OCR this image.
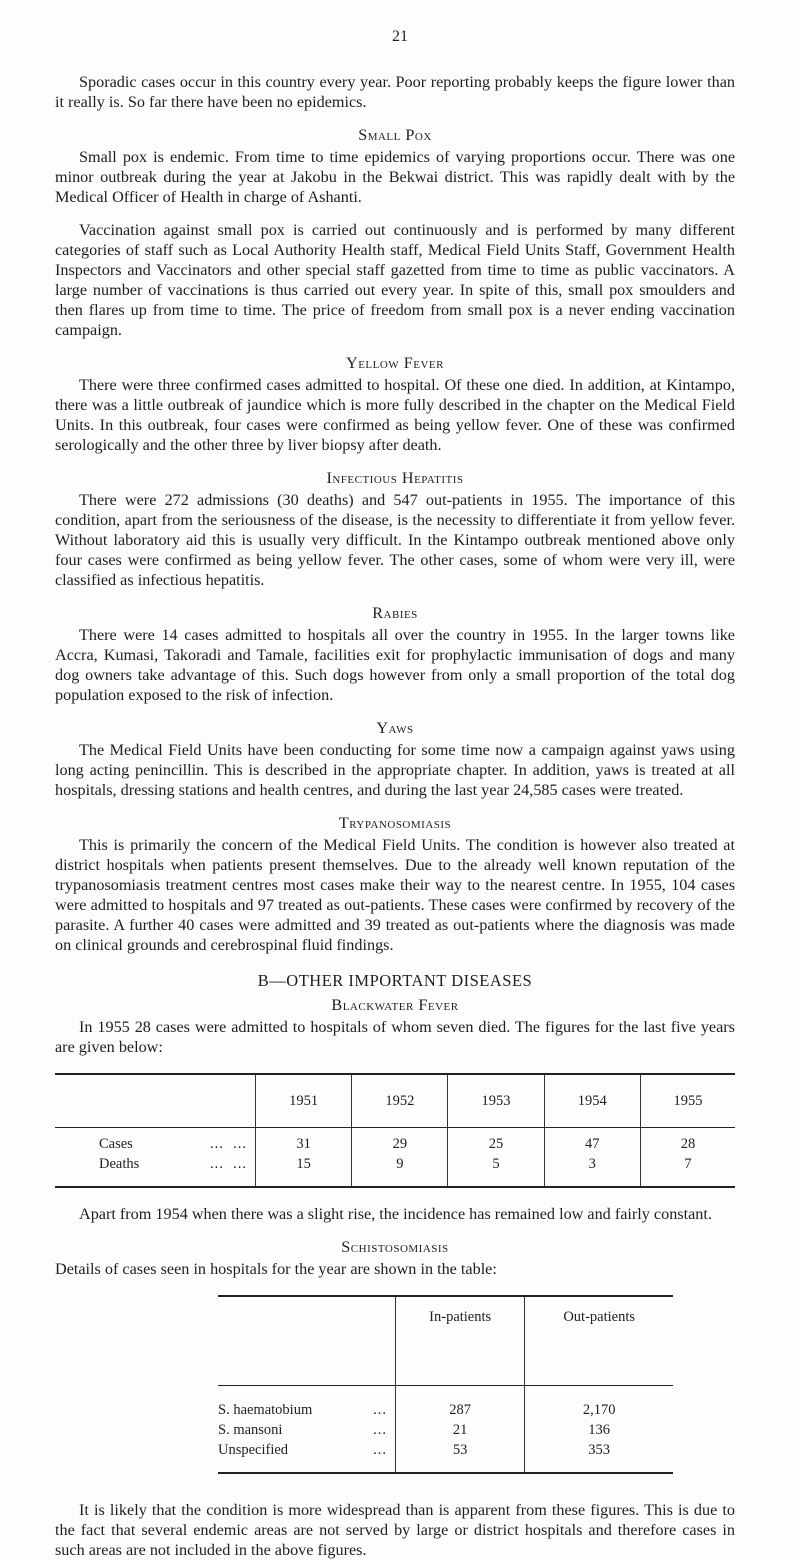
21

Sporadic cases occur in this country every year. Poor reporting probably keeps the figure lower than it really is. So far there have been no epidemics.

Small Pox

Small pox is endemic. From time to time epidemics of varying proportions occur. There was one minor outbreak during the year at Jakobu in the Bekwai district. This was rapidly dealt with by the Medical Officer of Health in charge of Ashanti.

Vaccination against small pox is carried out continuously and is performed by many different categories of staff such as Local Authority Health staff, Medical Field Units Staff, Government Health Inspectors and Vaccinators and other special staff gazetted from time to time as public vaccinators. A large number of vaccinations is thus carried out every year. In spite of this, small pox smoulders and then flares up from time to time. The price of freedom from small pox is a never ending vaccination campaign.

Yellow Fever

There were three confirmed cases admitted to hospital. Of these one died. In addition, at Kintampo, there was a little outbreak of jaundice which is more fully described in the chapter on the Medical Field Units. In this outbreak, four cases were confirmed as being yellow fever. One of these was confirmed serologically and the other three by liver biopsy after death.

Infectious Hepatitis

There were 272 admissions (30 deaths) and 547 out-patients in 1955. The importance of this condition, apart from the seriousness of the disease, is the necessity to differentiate it from yellow fever. Without laboratory aid this is usually very difficult. In the Kintampo outbreak mentioned above only four cases were confirmed as being yellow fever. The other cases, some of whom were very ill, were classified as infectious hepatitis.

Rabies

There were 14 cases admitted to hospitals all over the country in 1955. In the larger towns like Accra, Kumasi, Takoradi and Tamale, facilities exit for prophylactic immunisation of dogs and many dog owners take advantage of this. Such dogs however from only a small proportion of the total dog population exposed to the risk of infection.

Yaws

The Medical Field Units have been conducting for some time now a campaign against yaws using long acting penincillin. This is described in the appropriate chapter. In addition, yaws is treated at all hospitals, dressing stations and health centres, and during the last year 24,585 cases were treated.

Trypanosomiasis

This is primarily the concern of the Medical Field Units. The condition is however also treated at district hospitals when patients present themselves. Due to the already well known reputation of the trypanosomiasis treatment centres most cases make their way to the nearest centre. In 1955, 104 cases were admitted to hospitals and 97 treated as out-patients. These cases were confirmed by recovery of the parasite. A further 40 cases were admitted and 39 treated as out-patients where the diagnosis was made on clinical grounds and cerebrospinal fluid findings.

B—OTHER IMPORTANT DISEASES
Blackwater Fever

In 1955 28 cases were admitted to hospitals of whom seven died. The figures for the last five years are given below:

	1951	1952	1953	1954	1955
Cases ...  ...	31	29	25	47	28
Deaths ...  ...	15	9	5	3	7

Apart from 1954 when there was a slight rise, the incidence has remained low and fairly constant.

Schistosomiasis

Details of cases seen in hospitals for the year are shown in the table:

	In-patients	Out-patients
S. haematobium ...	287	2,170
S. mansoni ...	21	136
Unspecified ...	53	353

It is likely that the condition is more widespread than is apparent from these figures. This is due to the fact that several endemic areas are not served by large or district hospitals and therefore cases in such areas are not included in the above figures.
